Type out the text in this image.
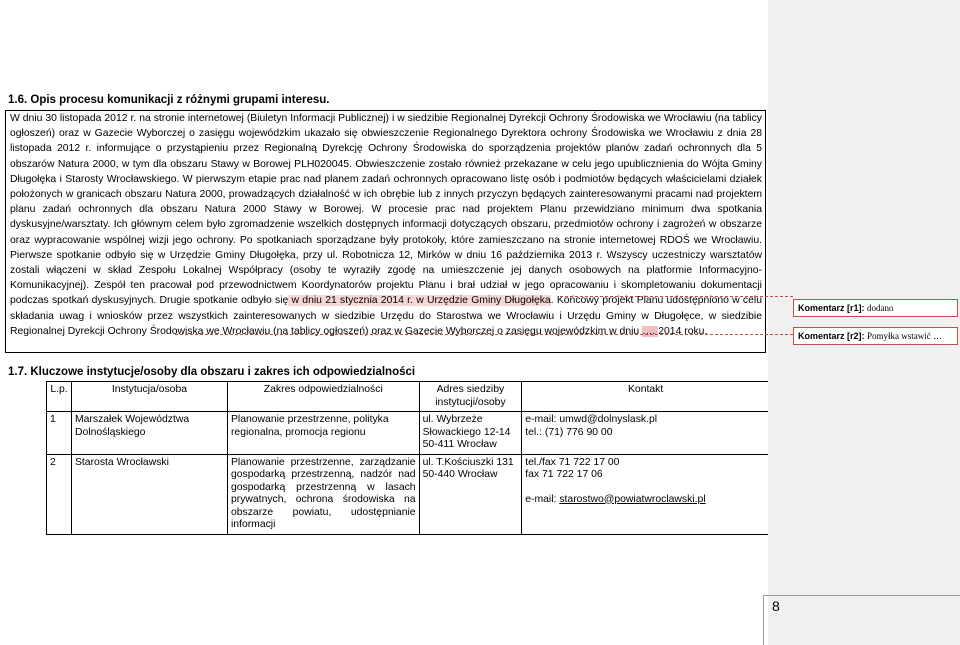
1.6. Opis procesu komunikacji z różnymi grupami interesu.

W dniu 30 listopada 2012 r. na stronie internetowej (Biuletyn Informacji Publicznej) i w siedzibie Regionalnej Dyrekcji Ochrony Środowiska we Wrocławiu (na tablicy ogłoszeń) oraz w Gazecie Wyborczej o zasięgu wojewódzkim ukazało się obwieszczenie Regionalnego Dyrektora ochrony Środowiska we Wrocławiu z dnia 28 listopada 2012 r. informujące o przystąpieniu przez Regionalną Dyrekcję Ochrony Środowiska do sporządzenia projektów planów zadań ochronnych dla 5 obszarów Natura 2000, w tym dla obszaru Stawy w Borowej PLH020045. Obwieszczenie zostało również przekazane w celu jego upublicznienia do Wójta Gminy Długołęka i Starosty Wrocławskiego. W pierwszym etapie prac nad planem zadań ochronnych opracowano listę osób i podmiotów będących właścicielami działek położonych w granicach obszaru Natura 2000, prowadzących działalność w ich obrębie lub z innych przyczyn będących zainteresowanymi pracami nad projektem planu zadań ochronnych dla obszaru Natura 2000 Stawy w Borowej. W procesie prac nad projektem Planu przewidziano minimum dwa spotkania dyskusyjne/warsztaty. Ich głównym celem było zgromadzenie wszelkich dostępnych informacji dotyczących obszaru, przedmiotów ochrony i zagrożeń w obszarze oraz wypracowanie wspólnej wizji jego ochrony. Po spotkaniach sporządzane były protokoły, które zamieszczano na stronie internetowej RDOŚ we Wrocławiu. Pierwsze spotkanie odbyło się w Urzędzie Gminy Długołęka, przy ul. Robotnicza 12, Mirków w dniu 16 października 2013 r. Wszyscy uczestniczy warsztatów zostali włączeni w skład Zespołu Lokalnej Współpracy (osoby te wyraziły zgodę na umieszczenie jej danych osobowych na platformie Informacyjno- Komunikacyjnej). Zespół ten pracował pod przewodnictwem Koordynatorów projektu Planu i brał udział w jego opracowaniu i skompletowaniu dokumentacji podczas spotkań dyskusyjnych. Drugie spotkanie odbyło się w dniu 21 stycznia 2014 r. w Urzędzie Gminy Długołęka. Końcowy projekt Planu udostępniono w celu składania uwag i wniosków przez wszystkich zainteresowanych w siedzibie Urzędu do Starostwa we Wrocławiu i Urzędu Gminy w Długołęce, w siedzibie Regionalnej Dyrekcji Ochrony Środowiska we Wrocławiu (na tablicy ogłoszeń) oraz w Gazecie Wyborczej o zasięgu wojewódzkim w dniu …. 2014 roku.

1.7. Kluczowe instytucje/osoby dla obszaru i zakres ich odpowiedzialności
L.p.	Instytucja/osoba	Zakres odpowiedzialności	Adres siedziby instytucji/osoby	Kontakt
1	Marszałek Województwa Dolnośląskiego	Planowanie przestrzenne, polityka regionalna, promocja regionu	ul. Wybrzeże Słowackiego 12-14 50-411 Wrocław	e-mail: umwd@dolnyslask.pl
tel.: (71) 776 90 00

2	Starosta Wrocławski	Planowanie przestrzenne, zarządzanie gospodarką przestrzenną, nadzór nad gospodarką przestrzenną w lasach prywatnych, ochrona środowiska na obszarze powiatu, udostępnianie informacji	ul. T.Kościuszki 131 50-440 Wrocław	tel./fax 71 722 17 00
fax 71 722 17 06
e-mail: starostwo@powiatwroclawski.pl
Komentarz [r1]: dodano
Komentarz [r2]: Pomyłka wstawić …
8
